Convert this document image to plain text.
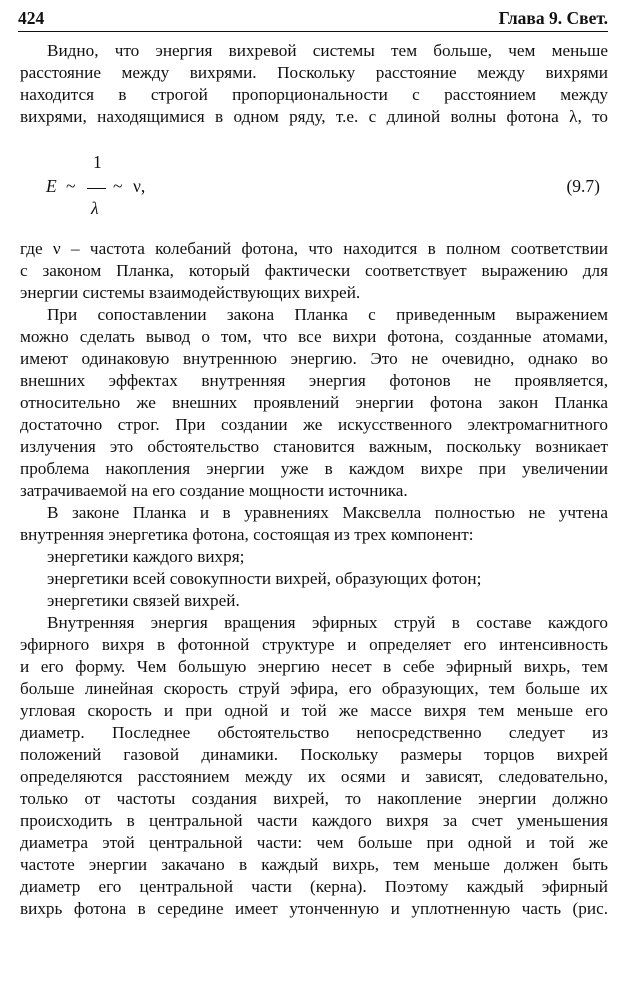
424	Глава 9. Свет.
Видно, что энергия вихревой системы тем больше, чем меньше
расстояние между вихрями. Поскольку расстояние между вихрями
находится в строгой пропорциональности с расстоянием между
вихрями, находящимися в одном ряду, т.е. с длиной волны фотона λ, то
E ~
1
λ
~ ν,	(9.7)
где ν – частота колебаний фотона, что находится в полном соответствии
с законом Планка, который фактически соответствует выражению для
энергии системы взаимодействующих вихрей.
При сопоставлении закона Планка с приведенным выражением
можно сделать вывод о том, что все вихри фотона, созданные атомами,
имеют одинаковую внутреннюю энергию. Это не очевидно, однако во
внешних эффектах внутренняя энергия фотонов не проявляется,
относительно же внешних проявлений энергии фотона закон Планка
достаточно строг. При создании же искусственного электромагнитного
излучения это обстоятельство становится важным, поскольку возникает
проблема накопления энергии уже в каждом вихре при увеличении
затрачиваемой на его создание мощности источника.
В законе Планка и в уравнениях Максвелла полностью не учтена
внутренняя энергетика фотона, состоящая из трех компонент:
энергетики каждого вихря;
энергетики всей совокупности вихрей, образующих фотон;
энергетики связей вихрей.
Внутренняя энергия вращения эфирных струй в составе каждого
эфирного вихря в фотонной структуре и определяет его интенсивность
и его форму. Чем большую энергию несет в себе эфирный вихрь, тем
больше линейная скорость струй эфира, его образующих, тем больше их
угловая скорость и при одной и той же массе вихря тем меньше его
диаметр. Последнее обстоятельство непосредственно следует из
положений газовой динамики. Поскольку размеры торцов вихрей
определяются расстоянием между их осями и зависят, следовательно,
только от частоты создания вихрей, то накопление энергии должно
происходить в центральной части каждого вихря за счет уменьшения
диаметра этой центральной части: чем больше при одной и той же
частоте энергии закачано в каждый вихрь, тем меньше должен быть
диаметр его центральной части (керна). Поэтому каждый эфирный
вихрь фотона в середине имеет утонченную и уплотненную часть (рис.
